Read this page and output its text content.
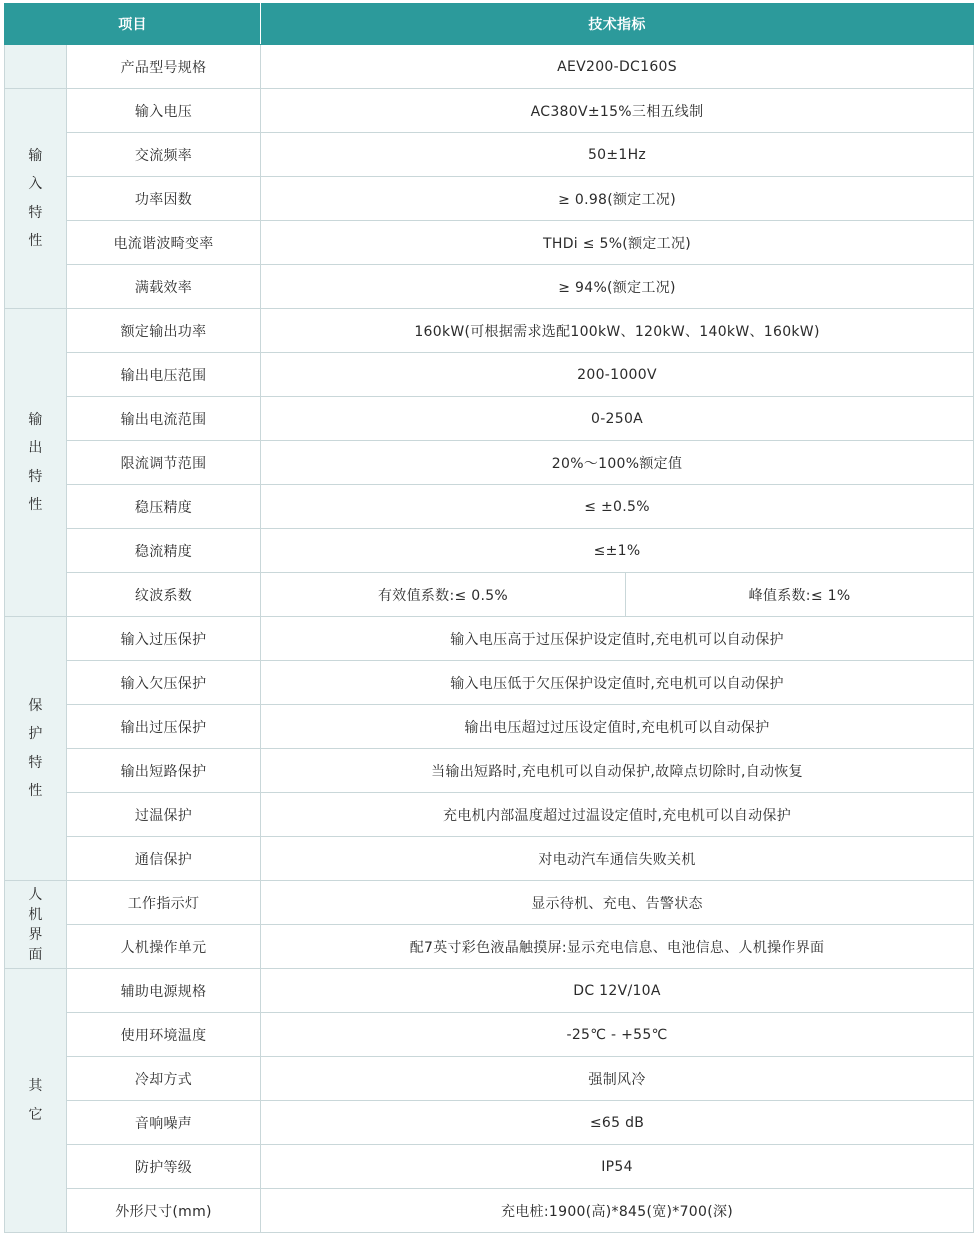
项目		技术指标	
	产品型号规格	AEV200-DC160S	
输入特性	输入电压	AC380V±15%三相五线制	
	交流频率	50±1Hz	
	功率因数	≥ 0.98(额定工况)	
	电流谐波畸变率	THDi ≤ 5%(额定工况)	
	满载效率	≥ 94%(额定工况)	
输出特性	额定输出功率	160kW(可根据需求选配100kW、120kW、140kW、160kW)	
	输出电压范围	200-1000V	
	输出电流范围	0-250A	
	限流调节范围	20%～100%额定值	
	稳压精度	≤ ±0.5%	
	稳流精度	≤±1%	
	纹波系数	有效值系数:≤ 0.5%	峰值系数:≤ 1%
保护特性	输入过压保护	输入电压高于过压保护设定值时,充电机可以自动保护	
	输入欠压保护	输入电压低于欠压保护设定值时,充电机可以自动保护	
	输出过压保护	输出电压超过过压设定值时,充电机可以自动保护	
	输出短路保护	当输出短路时,充电机可以自动保护,故障点切除时,自动恢复	
	过温保护	充电机内部温度超过过温设定值时,充电机可以自动保护	
	通信保护	对电动汽车通信失败关机	
人机界面	工作指示灯	显示待机、充电、告警状态	
	人机操作单元	配7英寸彩色液晶触摸屏:显示充电信息、电池信息、人机操作界面	
其它	辅助电源规格	DC 12V/10A	
	使用环境温度	-25℃ - +55℃	
	冷却方式	强制风冷	
	音响噪声	≤65 dB	
	防护等级	IP54	
	外形尺寸(mm)	充电桩:1900(高)*845(宽)*700(深)	
